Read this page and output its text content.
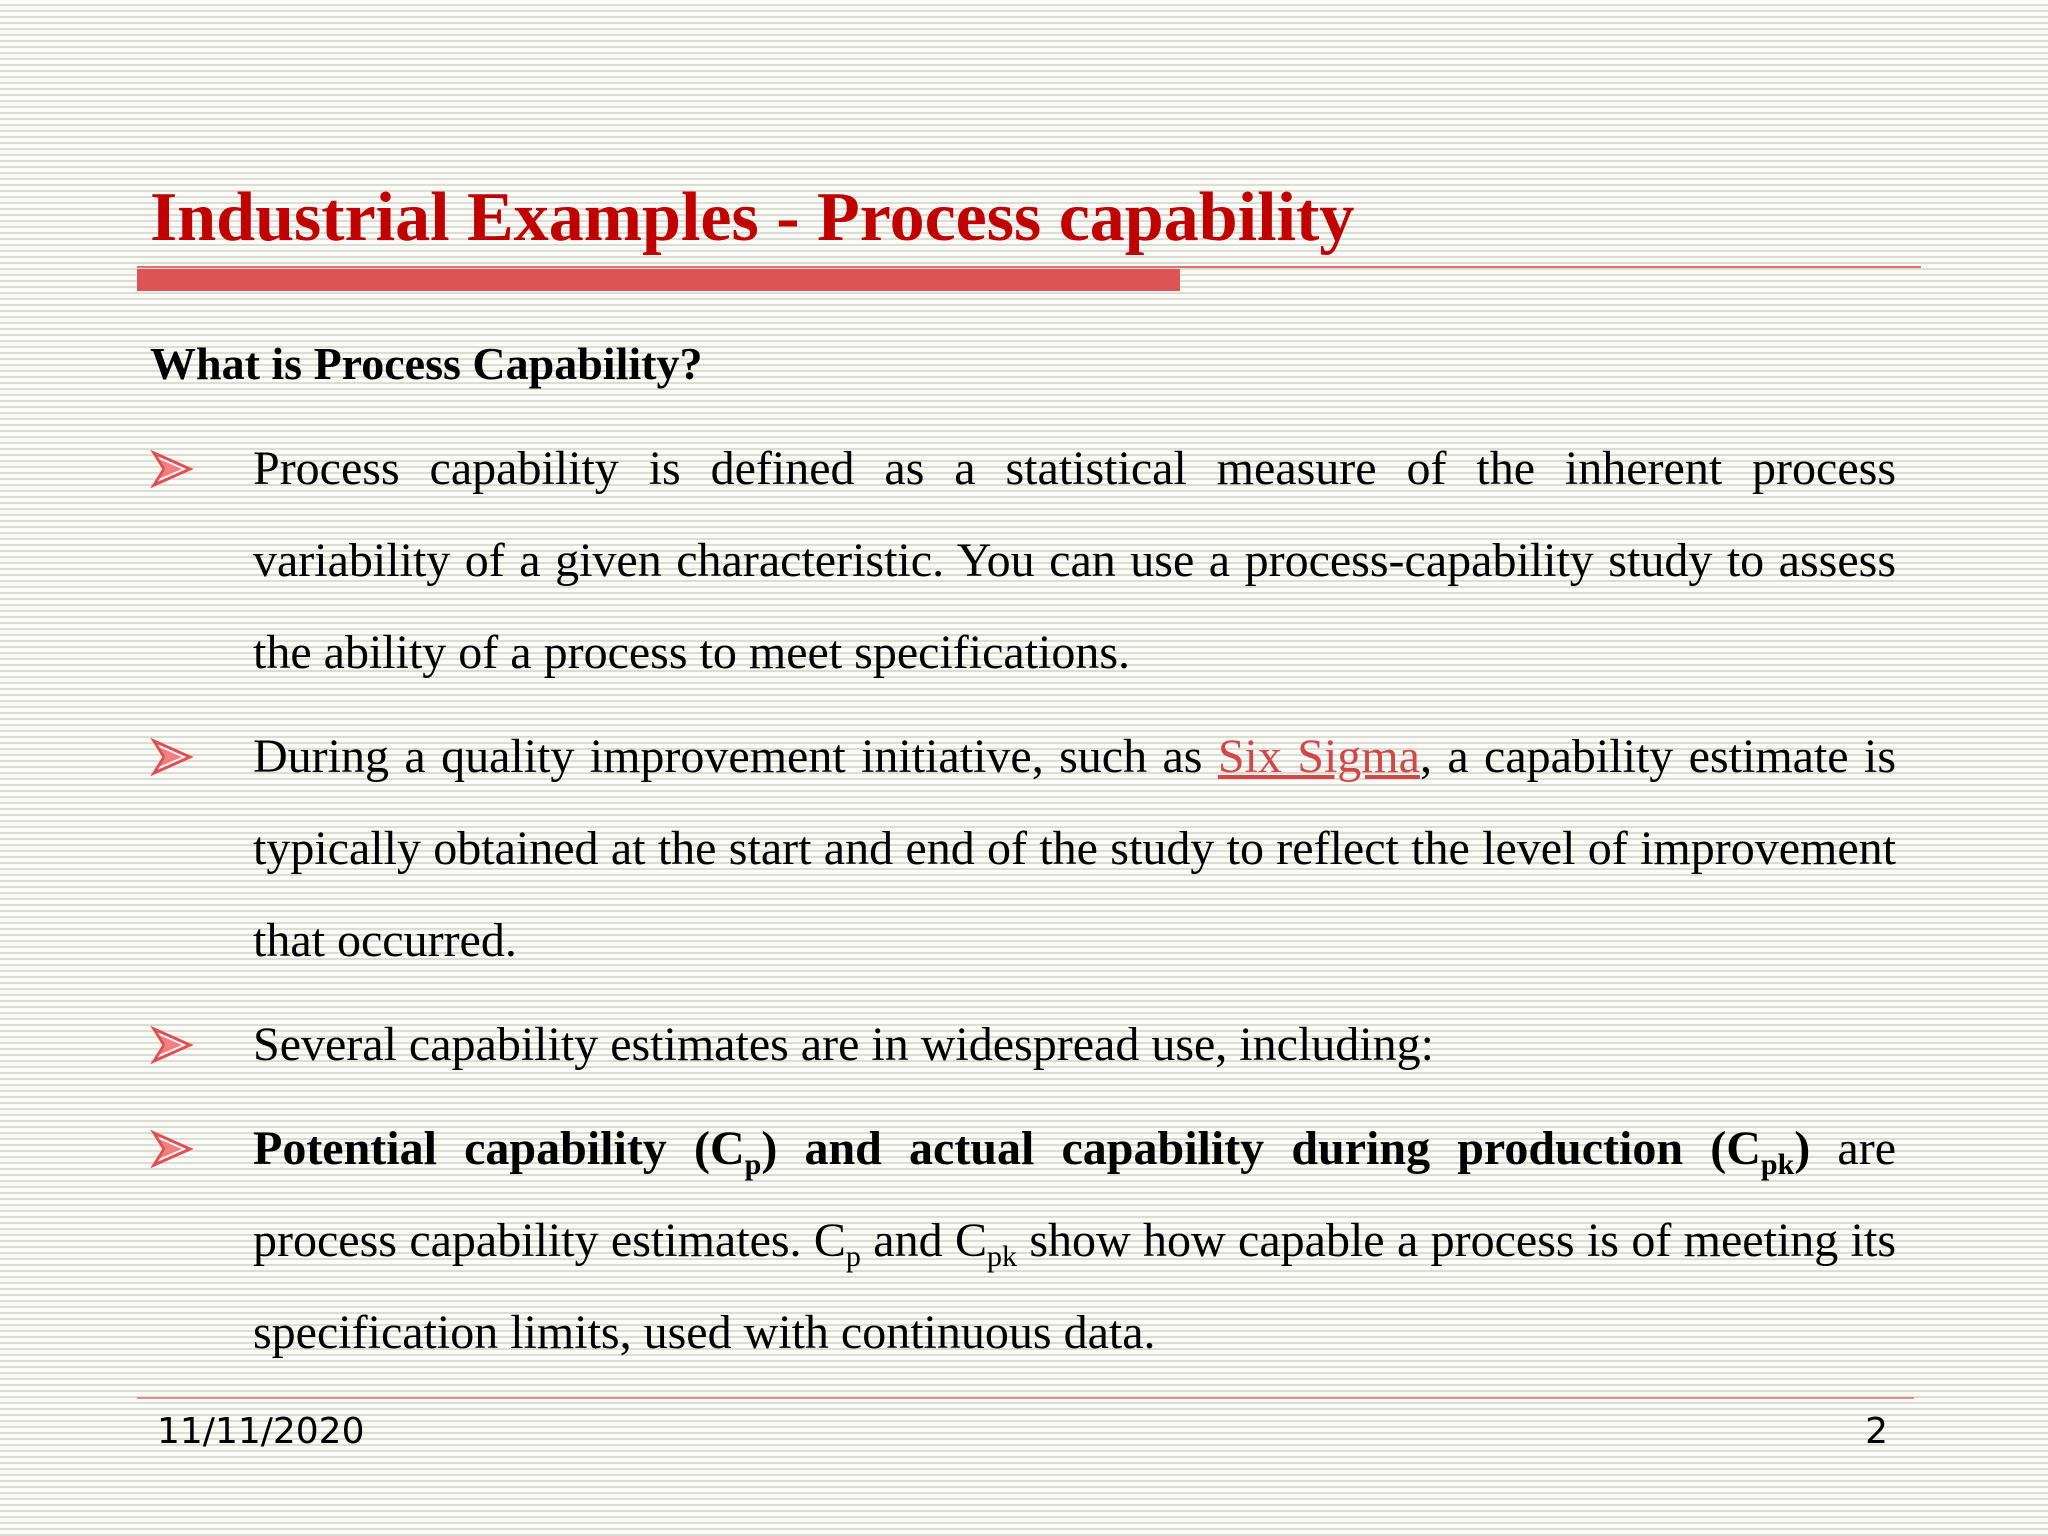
Industrial Examples - Process capability
What is Process Capability?

Process capability is defined as a statistical measure of the inherent process variability of a given characteristic. You can use a process-capability study to assess the ability of a process to meet specifications.

During a quality improvement initiative, such as Six Sigma, a capability estimate is typically obtained at the start and end of the study to reflect the level of improvement that occurred.

Several capability estimates are in widespread use, including:

Potential capability $(C_p)$ and actual capability during production $(C_{pk})$ are process capability estimates. $C_p$ and $C_{pk}$ show how capable a process is of meeting its specification limits, used with continuous data.

11/11/2020	2
